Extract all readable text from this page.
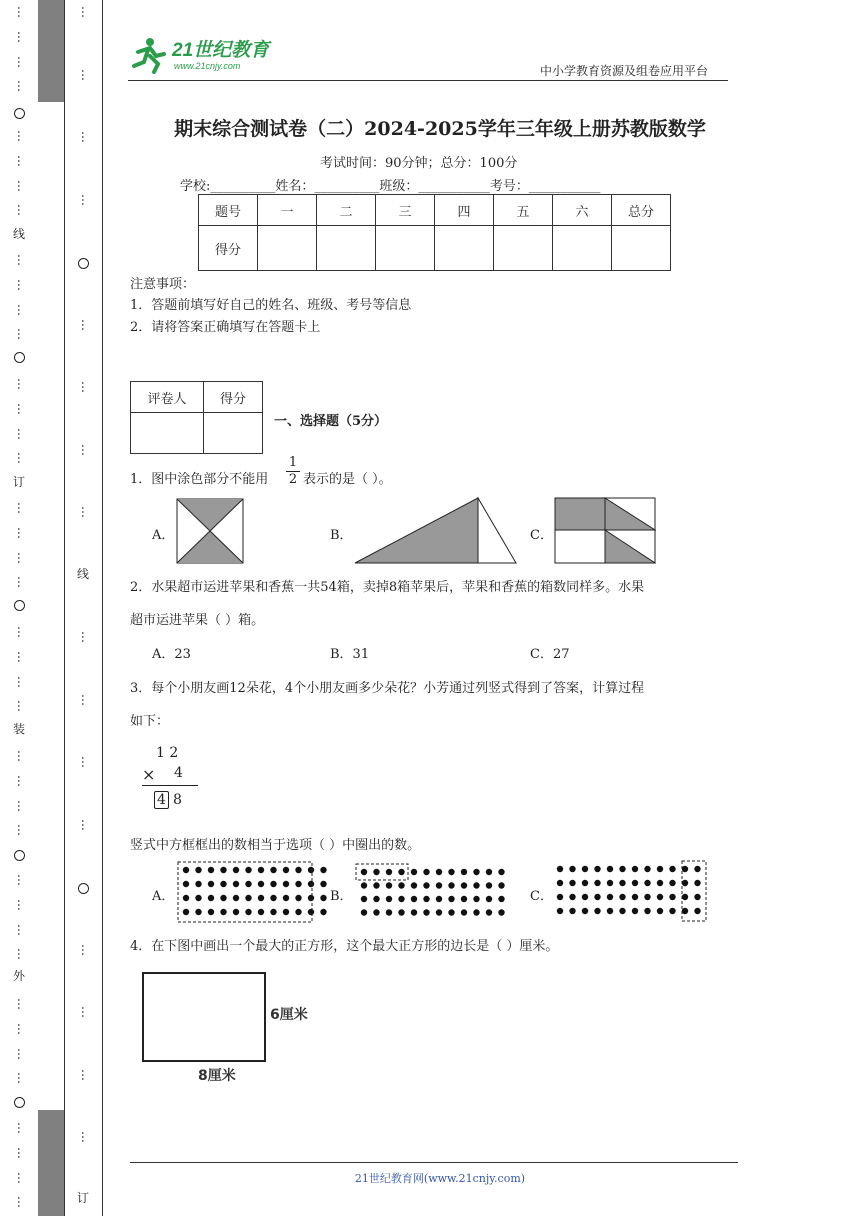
⋯
⋯
⋯
⋯
⋯
⋯
⋯
⋯
⋯
⋯
⋯
⋯
⋯
⋯
⋯
⋯
⋯
⋯
⋯
⋯
⋯
⋯
⋯
⋯
⋯
⋯
⋯
⋯
⋯
⋯
⋯
⋯
⋯
⋯
⋯
⋯
⋯
⋯
⋯
⋯
线
订
装
外
线
订
⋯
⋯
⋯
⋯
⋯
⋯
⋯
⋯
⋯
⋯
⋯
⋯
⋯
⋯
⋯
⋯
21世纪教育
www.21cnjy.com	中小学教育资源及组卷应用平台
期末综合测试卷（二）2024-2025学年三年级上册苏教版数学
考试时间：90分钟；总分：100分
学校:__________姓名：__________班级：___________考号：___________
题号	一	二	三	四	五	六	总分
得分							
注意事项：
1．答题前填写好自己的姓名、班级、考号等信息
2．请将答案正确填写在答题卡上
评卷人	得分

一、选择题（5分）
1．图中涂色部分不能用 $\frac{1}{2}$ 表示的是（ ）。
A．	B．	C．
2．水果超市运进苹果和香蕉一共54箱，卖掉8箱苹果后，苹果和香蕉的箱数同样多。水果
超市运进苹果（ ）箱。
A．23	B．31	C．27
3．每个小朋友画12朵花，4个小朋友画多少朵花？小芳通过列竖式得到了答案，计算过程
如下：
1 2
× 4
4 8
竖式中方框框出的数相当于选项（ ）中圈出的数。
A．	B．	C．
4．在下图中画出一个最大的正方形，这个最大正方形的边长是（ ）厘米。
6厘米
8厘米
21世纪教育网(www.21cnjy.com)
